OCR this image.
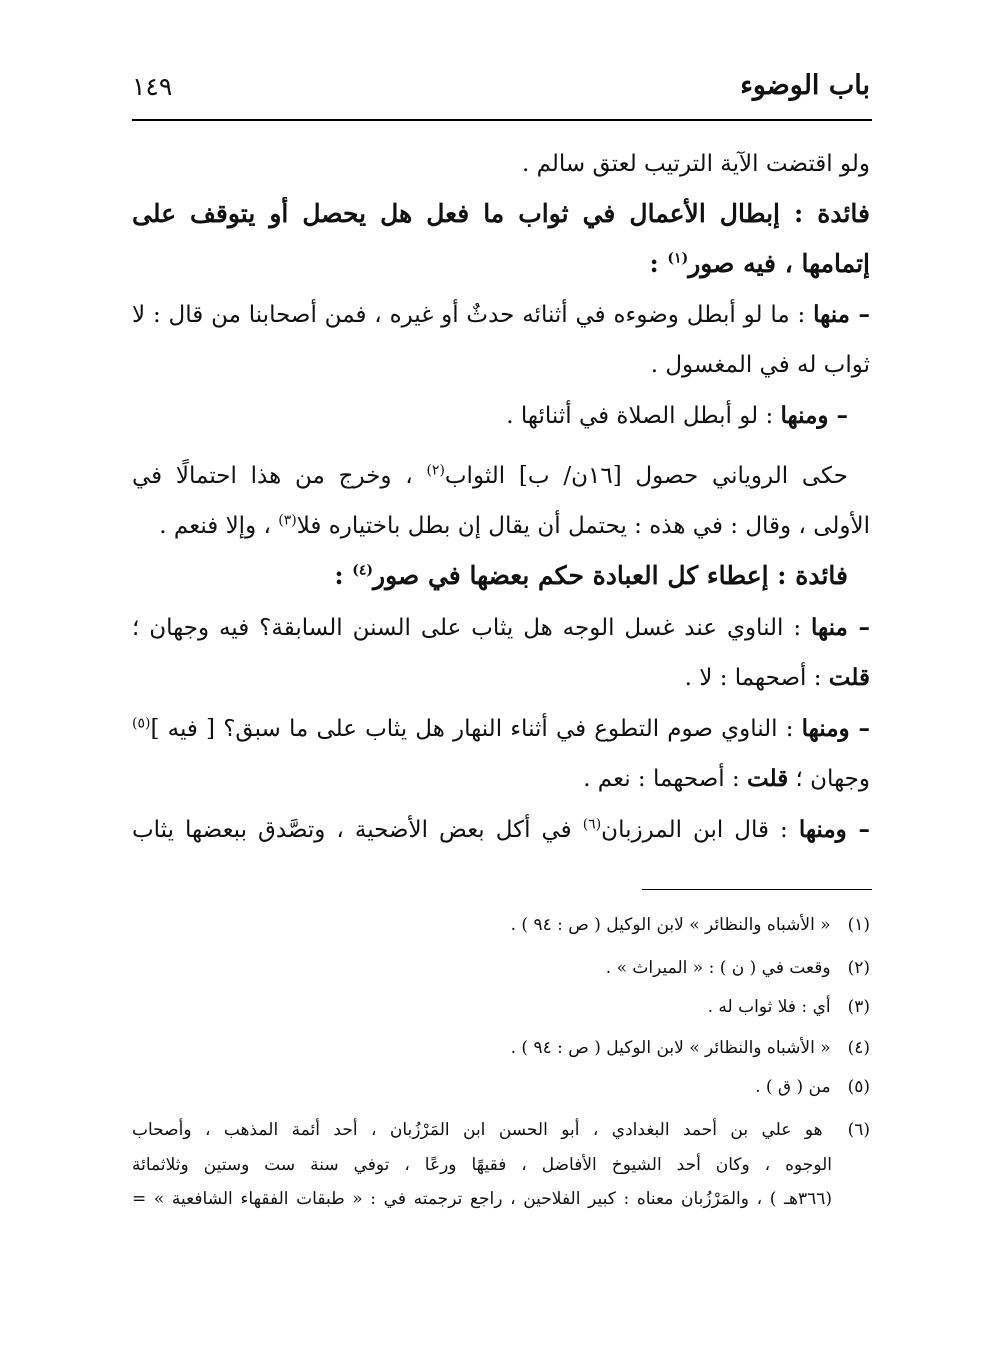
باب الوضوء
١٤٩
ولو اقتضت الآية الترتيب لعتق سالم .
فائدة : إبطال الأعمال في ثواب ما فعل هل يحصل أو يتوقف على
إتمامها ، فيه صور$^{(١)}$ :
– منها : ما لو أبطل وضوءه في أثنائه حدثٌ أو غيره ، فمن أصحابنا من قال : لا
ثواب له في المغسول .
– ومنها : لو أبطل الصلاة في أثنائها .
حكى الروياني حصول [١٦ن/ ب] الثواب$^{(٢)}$ ، وخرج من هذا احتمالًا في
الأولى ، وقال : في هذه : يحتمل أن يقال إن بطل باختياره فلا$^{(٣)}$ ، وإلا فنعم .
فائدة : إعطاء كل العبادة حكم بعضها في صور$^{(٤)}$ :
– منها : الناوي عند غسل الوجه هل يثاب على السنن السابقة؟ فيه وجهان ؛
قلت : أصحهما : لا .
– ومنها : الناوي صوم التطوع في أثناء النهار هل يثاب على ما سبق؟ [ فيه ]$^{(٥)}$
وجهان ؛ قلت : أصحهما : نعم .
– ومنها : قال ابن المرزبان$^{(٦)}$ في أكل بعض الأضحية ، وتصَّدق ببعضها يثاب
(١) « الأشباه والنظائر » لابن الوكيل ( ص : ٩٤ ) .
(٢) وقعت في ( ن ) : « الميراث » .
(٣) أي : فلا ثواب له .
(٤) « الأشباه والنظائر » لابن الوكيل ( ص : ٩٤ ) .
(٥) من ( ق ) .
(٦) هو علي بن أحمد البغدادي ، أبو الحسن ابن المَرْزُبان ، أحد أئمة المذهب ، وأصحاب
الوجوه ، وكان أحد الشيوخ الأفاضل ، فقيهًا ورعًا ، توفي سنة ست وستين وثلاثمائة
(٣٦٦هـ ) ، والمَرْزُبان معناه : كبير الفلاحين ، راجع ترجمته في : « طبقات الفقهاء الشافعية » =
